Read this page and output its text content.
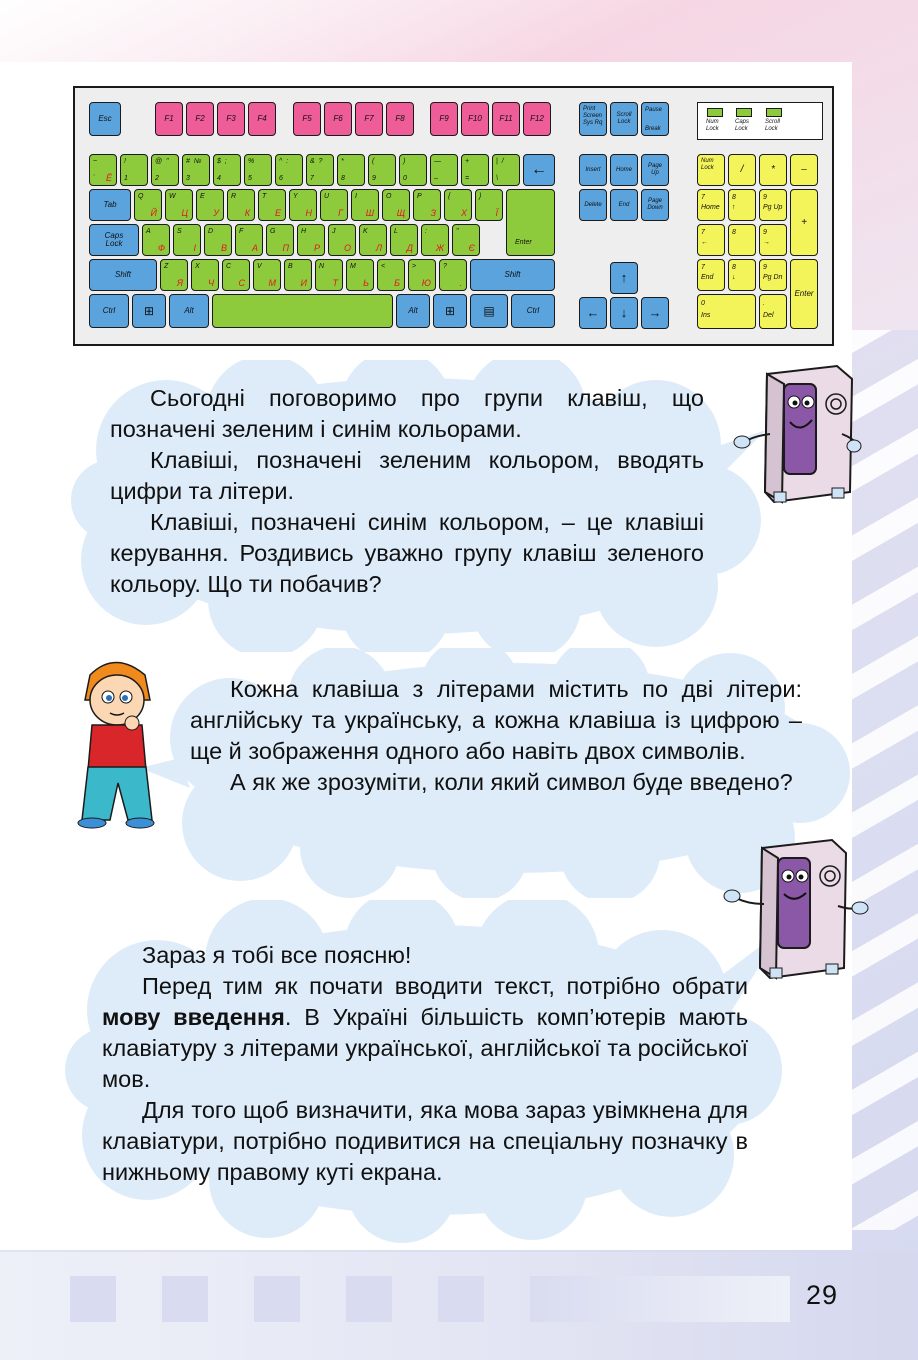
Esc	F1	F2	F3	F4	F5	F6	F7	F8	F9	F10	F11	F12
Print
Screen
Sys Rq
Scroll
Lock
Pause
Break
Num
Lock
Caps
Lock
Scroll
Lock
~
` Ё
!
1
@  "
2
#  №
3
$  ;
4
%
5
^  :
6
&  ?
7
*
8
(
9
)
0
—
–
+
=
|  /
\
←
Tab
Q
Й
W
Ц
E
У
R
К
T
Е
Y
Н
U
Г
I
Ш
O
Щ
P
З
{
Х
}
Ї
Enter
Caps
Lock
A
Ф
S
І
D
В
F
А
G
П
H
Р
J
О
K
Л
L
Д
:
Ж
"
Є
Shift
Z
Я
X
Ч
C
С
V
М
B
И
N
Т
M
Ь
<
Б
>
Ю
?
.
Shift
Ctrl	⊞	Alt	Alt	⊞	▤	Ctrl
Insert	Home
Page
Up
Delete	End
Page
Down
↑
←	↓	→
Num
Lock	/	*	–
7
Home
8
↑
9
Pg Up
+
7
←
8	9
→
7
End
8
↓
9
Pg Dn
Enter
0
Ins
.
Del

Сьогодні поговоримо про групи клавіш, що позначені зеленим і синім кольорами.

Клавіші, позначені зеленим кольором, вводять цифри та літери.

Клавіші, позначені синім кольором, – це клавіші керування. Роздивись уважно групу клавіш зеленого кольору. Що ти побачив?

Кожна клавіша з літерами містить по дві літери: англійську та українську, а кожна клавіша із цифрою – ще й зображення одного або навіть двох символів.

А як же зрозуміти, коли який символ буде введено?

Зараз я тобі все поясню!

Перед тим як почати вводити текст, потрібно обрати мову введення. В Україні більшість комп’ютерів мають клавіатуру з літерами української, англійської та російської мов.

Для того щоб визначити, яка мова зараз увімкнена для клавіатури, потрібно подивитися на спеціальну позначку в нижньому правому куті екрана.

29
